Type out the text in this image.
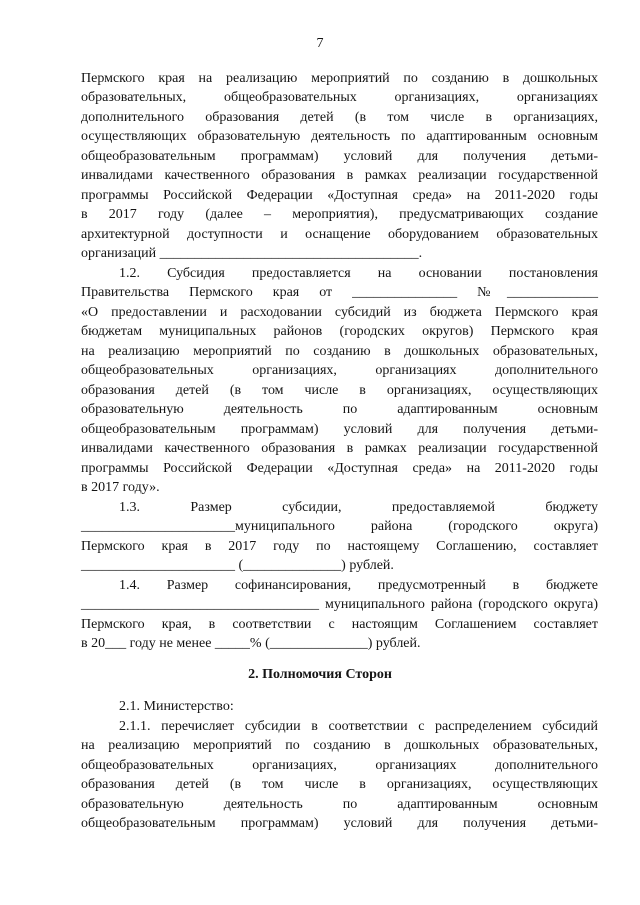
7
Пермского края на реализацию мероприятий по созданию в дошкольных
образовательных, общеобразовательных организациях, организациях
дополнительного образования детей (в том числе в организациях,
осуществляющих образовательную деятельность по адаптированным основным
общеобразовательным программам) условий для получения детьми-
инвалидами качественного образования в рамках реализации государственной
программы Российской Федерации «Доступная среда» на 2011-2020 годы
в 2017 году (далее – мероприятия), предусматривающих создание
архитектурной доступности и оснащение оборудованием образовательных
организаций _____________________________________.
1.2. Субсидия предоставляется на основании постановления
Правительства Пермского края от _______________ №_____________
«О предоставлении и расходовании субсидий из бюджета Пермского края
бюджетам муниципальных районов (городских округов) Пермского края
на реализацию мероприятий по созданию в дошкольных образовательных,
общеобразовательных организациях, организациях дополнительного
образования детей (в том числе в организациях, осуществляющих
образовательную деятельность по адаптированным основным
общеобразовательным программам) условий для получения детьми-
инвалидами качественного образования в рамках реализации государственной
программы Российской Федерации «Доступная среда» на 2011-2020 годы
в 2017 году».
1.3. Размер субсидии, предоставляемой бюджету
______________________муниципального района (городского округа)
Пермского края в 2017 году по настоящему Соглашению, составляет
______________________ (______________) рублей.
1.4. Размер софинансирования, предусмотренный в бюджете
__________________________________ муниципального района (городского округа)
Пермского края, в соответствии с настоящим Соглашением составляет
в 20___ году не менее _____% (______________) рублей.
2. Полномочия Сторон
2.1. Министерство:
2.1.1. перечисляет субсидии в соответствии с распределением субсидий
на реализацию мероприятий по созданию в дошкольных образовательных,
общеобразовательных организациях, организациях дополнительного
образования детей (в том числе в организациях, осуществляющих
образовательную деятельность по адаптированным основным
общеобразовательным программам) условий для получения детьми-
